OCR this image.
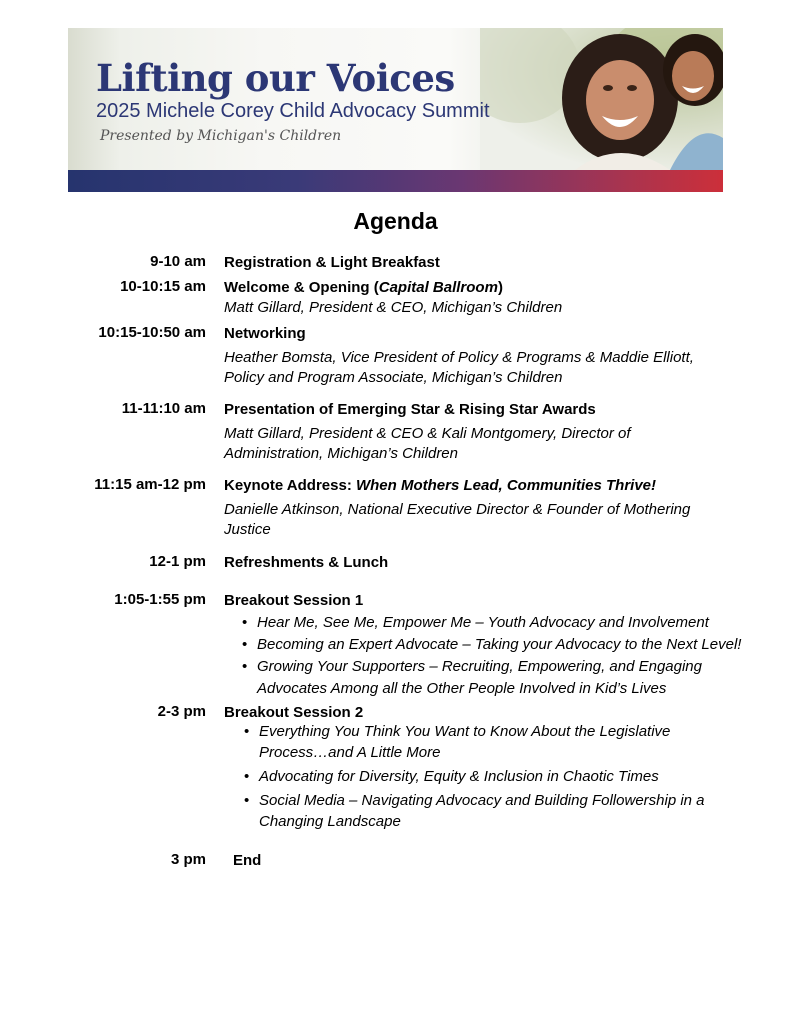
Lifting our Voices
2025 Michele Corey Child Advocacy Summit
Presented by Michigan's Children
Agenda
9-10 am Registration & Light Breakfast
10-10:15 am Welcome & Opening (Capital Ballroom)
Matt Gillard, President & CEO, Michigan’s Children
10:15-10:50 am Networking
Heather Bomsta, Vice President of Policy & Programs & Maddie Elliott,
Policy and Program Associate, Michigan’s Children
11-11:10 am Presentation of Emerging Star & Rising Star Awards
Matt Gillard, President & CEO & Kali Montgomery, Director of
Administration, Michigan’s Children
11:15 am-12 pm Keynote Address: When Mothers Lead, Communities Thrive!
Danielle Atkinson, National Executive Director & Founder of Mothering
Justice
12-1 pm Refreshments & Lunch
1:05-1:55 pm Breakout Session 1
• Hear Me, See Me, Empower Me – Youth Advocacy and Involvement
• Becoming an Expert Advocate – Taking your Advocacy to the Next Level!
• Growing Your Supporters – Recruiting, Empowering, and Engaging
Advocates Among all the Other People Involved in Kid’s Lives
2-3 pm Breakout Session 2
• Everything You Think You Want to Know About the Legislative
Process…and A Little More
• Advocating for Diversity, Equity & Inclusion in Chaotic Times
• Social Media – Navigating Advocacy and Building Followership in a
Changing Landscape
3 pm End
